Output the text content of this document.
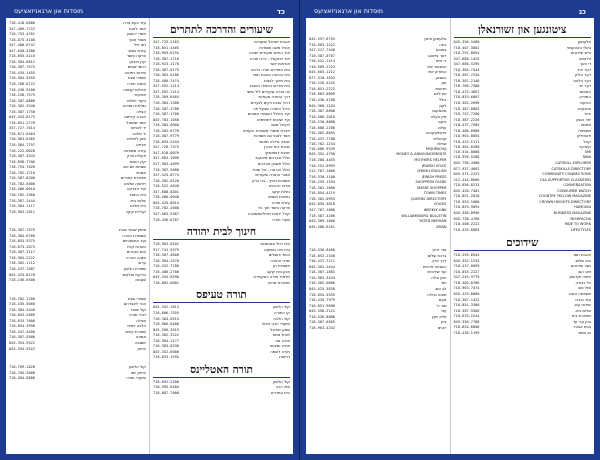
כד
מוסדות און ארגאניזאציעס
שיעורים והדרכה לתתרים
אהבת ישראל שיעורים
347-725-2163
אוהל משה מוסדות
718-851-4405
אור החיים שיעורים ישיבה
718-963-6155
אור יחזקאל - דרכי תורה
718-387-1718
אורחות יושר
718-923-1170
בית המדרש תורה ויראה
718-387-0175
בית הוראה אהבת חסד
718-963-0186
בית חינוך לבנות
718-486-7474
בית מדרש דחסידי באבוב
347-592-1214
בני תורה שיעורים ליל שישי
347-592-1214
דרך התורה סעודות
718-369-6464
דרכי אבות ויקים לנערים
718-384-1380
היכל התורה שבעל פה
718-387-3780
ועד הכולל דשומרי אמונים
718-387-1766
ועד ישיבות דתמימים
845-783-1058
ויקיהל משה
718-384-6000
חברת שומרי משמרת הקודש
718-302-0770
חסד לאברהם מוסדות
718-387-9779
ישיבה גדולה מאנסי
718-855-2444
ישיבת בית אהרן
347-726-7375
ישיבת דושינסקי
347-518-8076
כולל אברכים מיאקוב
347-683-1096
כולל חשבון אברכים
917-903-4499
כולל הוראה - טל ומטר
718-387-5680
מאור התורה שיעורים
347-425-8774
מוסדות ויזניץ - בני ברק
718-302-0120
מרכז הרבנים
718-522-4640
נחלת יעקב
347-688-8301
נתיבות משפט
718-406-0040
עזרת תורה
845-425-8014
צדקה וחסד תוך כדי
718-782-2008
קהל יראים דוויליאמסבורג
347-463-5367
שערי תורה
718-436-6767
חינוך לבית יהודה
בית רחל סאטמאר
718-963-0102
בית חיה מושקא
917-741-5979
בנות ירושלים
718-387-4600
יסודי התורה
718-384-2570
מוסדות חן
718-422-7788
מכון בית יעקב
718-486-2700
תלמוד תורה דסקווירא
845-354-8590
תפארת מרים
718-802-0001
תורה טעיפס
קול הלשון
845-352-1813
קו התורה
718-606-7555
קול הלכה
718-384-0515
שיעורי הדף היומי
718-906-6400
שמע ישראל
845-356-3515
תורת אמת
718-302-3222
תורה אור
718-384-1177
תורה ומצוות
718-383-8338
תורה לשמה
845-352-6000
דרשות
718-633-1555
תורה האטליינס
קול הלשון
718-692-2200
מפי הרב
718-395-8484
בית המדרש
718-887-7000
עזר בעת צרה
718-418-6880
חסד לנצח
347-409-7722
חסדי יהושע
718-753-4761
מאור חנוך
718-875-4100
נשי חיל
347-408-6747
עזרת נשים
347-640-4380
צדקה וחסד
718-855-4116
קרן ויזבאך
718-384-6812
רחמי שמים
718-387-7575
שירות רפואה
718-435-1455
שומרי שבת
718-384-5555
תומכי תורה
718-768-6722
תהלים קבוצה
718-436-9100
אחיעזר
718-258-7575
בקור חולים
718-387-0880
גמילות חסדים
718-302-3340
הצלה
718-387-1750
חברה קדישא
845-425-8175
חסד שמואל
718-851-2770
יד לאחים
347-727-7614
יד מלכה
718-871-6464
מזון לחולים
718-963-6365
מרפא
718-384-7797
עזרה משפחה
718-222-0020
פעולת צדק
718-387-3343
קרן החסד
718-858-7706
שמחת יום טוב
718-754-7020
תמחוי
718-782-1718
תפארת בחורים
718-387-8200
רפואה שלמה
718-782-5006
ועד הצדקה
718-406-0010
בית החסד
718-782-1960
שלום בית
718-387-1444
בית מלכה
718-384-1117
קהילת יעקב
718-963-2011
סימון שומר שבת
718-387-7575
משמרת טהרה
718-384-6760
ועד המשגיחים
718-853-9375
כשרות קהל
718-875-2674
מים טהורים
718-387-3117
מקוה טהרה
718-384-2222
ערוב
718-302-1112
שמירת הלשון
718-437-7007
בדיקת תולעים
845-425-8170
שעטנז
718-236-6500
שומרי שבת
718-782-1200
זכור לאברהם
718-435-5060
קול שופר
718-384-4440
דברי תורה
718-853-2009
מגילה
718-633-7600
הלכה יומית
718-854-3990
שמירת עינים
718-437-4400
אמונה
718-387-5500
תשובה
845-354-5522
חיזוק
845-354-5522
קול הלשון
718-769-1820
חיזוק יומי
718-705-5000
שיעורי תורה
718-484-8888
כג
מוסדות און ארגאניזאציעס
ציטונגען און זשורנאלן
אלעמען
845-356-5400
באלי באטעמפ
718-407-3001
בייס שידוכים
718-791-8054
בלאטט
347-688-1425
די וואך
347-688-5295
דער איד
718-384-7444
דער בליק
718-387-7244
דער בלאט
718-387-2146
דער יוד
718-766-7588
המבשר
718-475-4667
המודיע
718-853-6807
הנייעס
718-302-2696
וואכעדיג
718-387-8865
זוהר
718-757-7200
יתד נאמן
718-387-2226
מאמא
718-437-7585
משפחה
718-486-8966
פאמיליע
718-963-0054
קהל
718-422-1111
קינדער
718-302-6200
AMI
718-534-8888
BINA
718-395-5288
CATSKILL EXPLORER
845-796-4500
CATSKILLS DIRECTORY
877-937-4662
COMMUNITY CONNECTIONS
845-371-2222
CSA SUPPORTIVE CLASSIFIED
212-444-8666
CONVERSATION
718-856-8212
CONSUMER WATCH
845-426-7401
COUNTRY YELLOW MAGAZINE
718-851-2818
CROWN HEIGHTS DIRECTORY
718-953-1000
HAMODIA
718-853-9094
BUSINESS MAGAZINE
845-356-0996
MISHPACHA
845-738-4700
RIDE TO WORK
718-408-2222
LIFESTYLES
718-435-8965
שידוכים
אהבת חסד
718-255-6544
בית שלום
845-352-1234
גשר שידוכים
718-437-0099
זיווג הגון
718-855-2227
חופה וקדושין
347-245-9779
כל כבודה
718-302-8766
מזל טוב
718-963-7474
משפחה טובה
845-425-6660
עזר כנגדו
718-387-1422
שידוכי ענג
718-851-3300
שלום בית
718-387-5566
תפארת בית
718-633-2244
בנין עדי עד
845-356-7788
זכות אבות
718-854-6600
חן וחסד
718-436-1199
אלעמען ווייסן
845-357-6755
בינה
718-963-1222
בתוכם
347-227-7446
דער צייטונג
718-387-0707
די צייט
718-522-1414
המבשר יומי
718-569-2222
המודיע יומי
845-603-1212
השבוע
877-310-1632
זמן
718-228-4242
חדשות
718-851-2222
יום ליום
718-963-0099
כולל
718-436-4700
לעבן
845-368-1234
מאמענט
718-387-6600
מיין וועלט
718-486-1010
נייעס
718-230-8888
עולם
718-686-2200
פרספעקטיוו
718-302-8855
קוואליטי
718-437-7788
שפיגל
718-782-1234
MISHPACHA
718-686-9339
MONEY & ANNOUNCEMENTS
845-352-4790
MOTHERS HELPER
718-288-4455
JEWISH VOICE
718-252-0993
JEWISH ENGLISH
212-767-1000
JEWISH PRESS
718-330-1100
SHOPPERS GUIDE
718-259-1334
SMART SHOPPER
718-302-2000
TOWN TIMES
718-854-4119
QUEENS DIRECTORY
718-302-0993
VOICES
845-659-4818
WEEKLY LINK
347-767-1888
WILLIAMSBURG BULLETIN
718-387-4200
YATED NEEMAN
845-369-1600
ZMAN
845-288-6161
אור זרוע
718-436-6466
ברכת שלום
718-853-2340
דרך ארץ
718-437-7111
השגחה פרטית
845-362-2444
ועד שידוכים
718-387-1881
חתן וכלה
718-963-3434
יתד
718-302-0066
לב טוב
845-425-3838
מצוה גדולה
718-854-5555
נועם
718-435-7979
סוד ה'
718-851-9898
עזר
845-356-2121
פלא יועץ
718-436-8080
ציון
718-387-6565
רננים
718-963-4242
